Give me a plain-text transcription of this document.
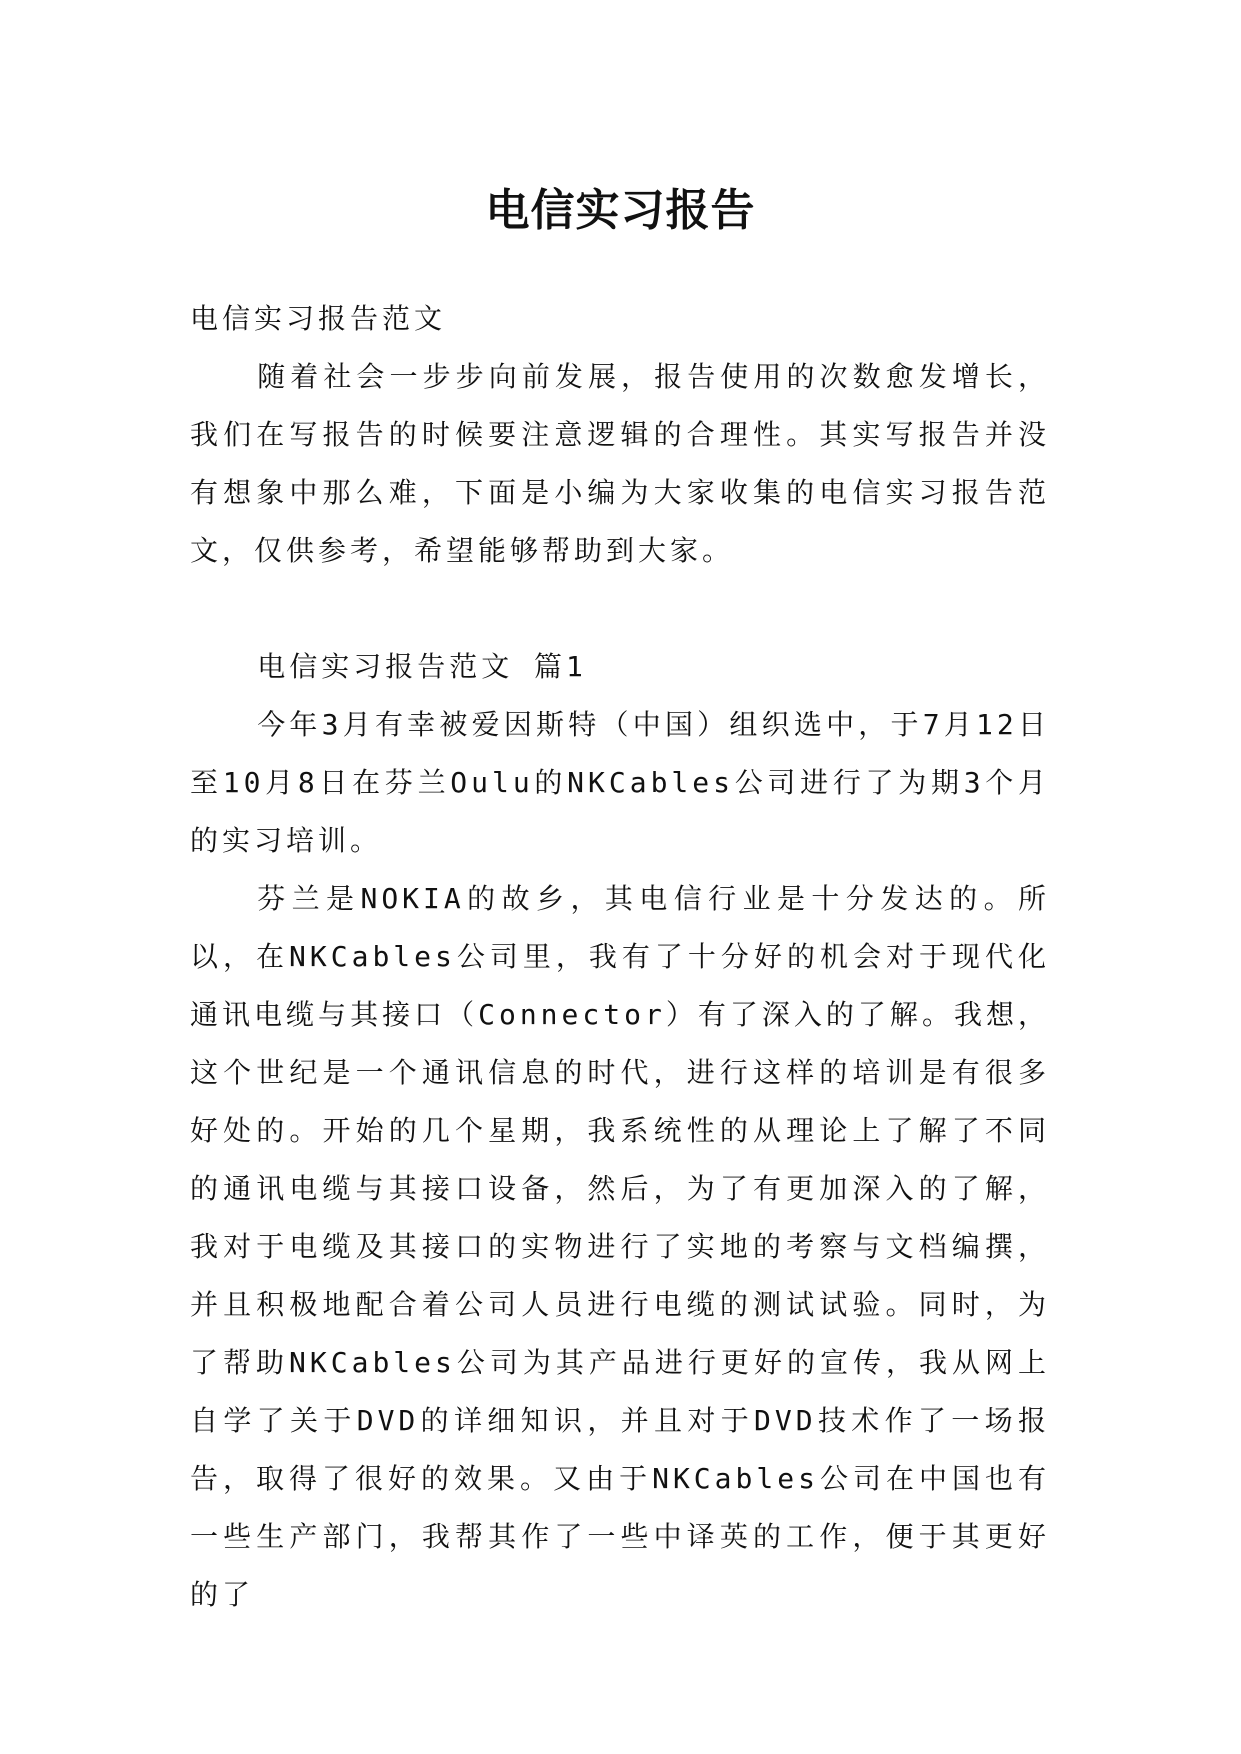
电信实习报告

电信实习报告范文

随着社会一步步向前发展，报告使用的次数愈发增长，我们在写报告的时候要注意逻辑的合理性。其实写报告并没有想象中那么难，下面是小编为大家收集的电信实习报告范文，仅供参考，希望能够帮助到大家。

电信实习报告范文 篇1

今年3月有幸被爱因斯特（中国）组织选中，于7月12日至10月8日在芬兰Oulu的NKCables公司进行了为期3个月的实习培训。

芬兰是NOKIA的故乡，其电信行业是十分发达的。所以，在NKCables公司里，我有了十分好的机会对于现代化通讯电缆与其接口（Connector）有了深入的了解。我想，这个世纪是一个通讯信息的时代，进行这样的培训是有很多好处的。开始的几个星期，我系统性的从理论上了解了不同的通讯电缆与其接口设备，然后，为了有更加深入的了解，我对于电缆及其接口的实物进行了实地的考察与文档编撰，并且积极地配合着公司人员进行电缆的测试试验。同时，为了帮助NKCables公司为其产品进行更好的宣传，我从网上自学了关于DVD的详细知识，并且对于DVD技术作了一场报告，取得了很好的效果。又由于NKCables公司在中国也有一些生产部门，我帮其作了一些中译英的工作，便于其更好的了
